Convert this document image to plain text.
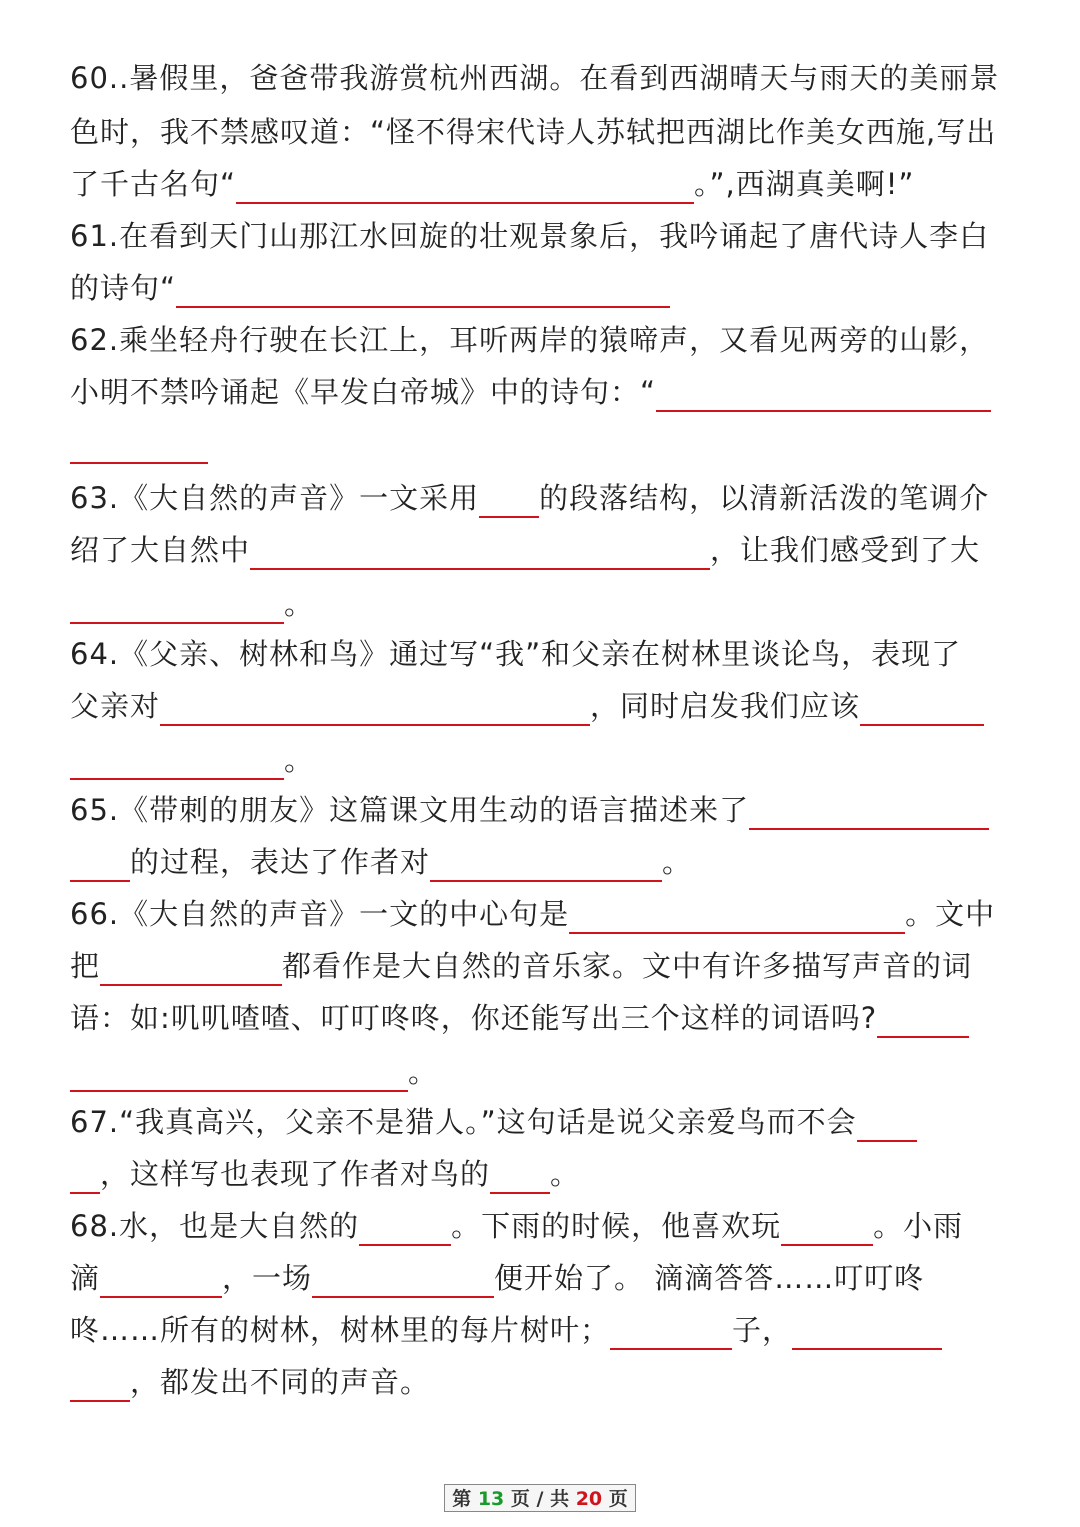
60..暑假里，爸爸带我游赏杭州西湖。在看到西湖晴天与雨天的美丽景
色时，我不禁感叹道：“怪不得宋代诗人苏轼把西湖比作美女西施,写出
了千古名句“	。”,西湖真美啊!”
61.在看到天门山那江水回旋的壮观景象后，我吟诵起了唐代诗人李白
的诗句“
62.乘坐轻舟行驶在长江上，耳听两岸的猿啼声，又看见两旁的山影，
小明不禁吟诵起《早发白帝城》中的诗句：“
63.《大自然的声音》一文采用 的段落结构，以清新活泼的笔调介
绍了大自然中	，让我们感受到了大
。
64.《父亲、树林和鸟》通过写“我”和父亲在树林里谈论鸟，表现了
父亲对	，同时启发我们应该
。
65.《带刺的朋友》这篇课文用生动的语言描述来了
的过程，表达了作者对	。
66.《大自然的声音》一文的中心句是	。文中
把	都看作是大自然的音乐家。文中有许多描写声音的词
语：如:叽叽喳喳、叮叮咚咚，你还能写出三个这样的词语吗?
。
67.“我真高兴，父亲不是猎人。”这句话是说父亲爱鸟而不会
，这样写也表现了作者对鸟的 。
68.水，也是大自然的	。下雨的时候，他喜欢玩	。小雨
滴	，一场	便开始了。 滴滴答答……叮叮咚
咚……所有的树林，树林里的每片树叶；	子，
，都发出不同的声音。
第 13 页 / 共 20 页
